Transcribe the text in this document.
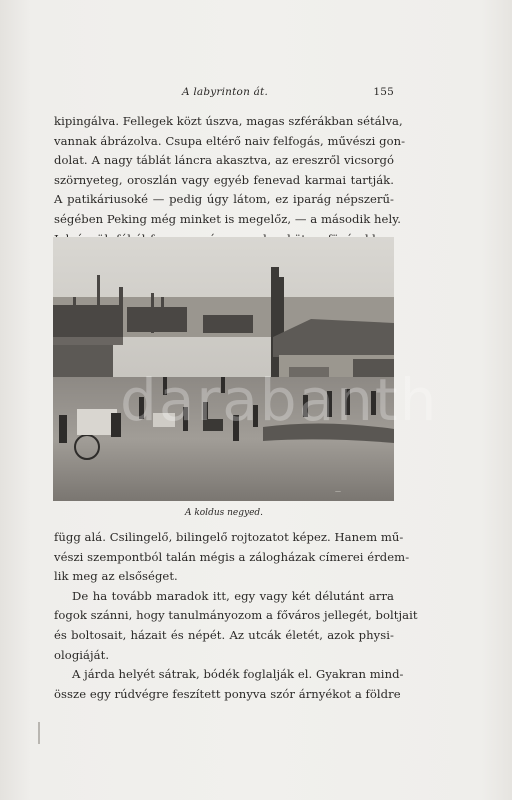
A labyrinton át.	155
kipingálva. Fellegek közt úszva, magas szférákban sétálva,
vannak ábrázolva. Csupa eltérő naiv felfogás, művészi gon-
dolat. A nagy táblát láncra akasztva, az ereszről vicsorgó
szörnyeteg, oroszlán vagy egyéb fenevad karmai tartják.
A patikáriusoké — pedig úgy látom, ez iparág népszerű-
ségében Peking még minket is megelőz, — a második hely.
—
darabanth
A koldus negyed.
függ alá. Csilingelő, bilingelő rojtozatot képez. Hanem mű-
vészi szempontból talán mégis a zálogházak címerei érdem-
lik meg az elsőséget.
De ha tovább maradok itt, egy vagy két délutánt arra
fogok szánni, hogy tanulmányozom a főváros jellegét, boltjait
és boltosait, házait és népét. Az utcák életét, azok physi-
ologiáját.
A járda helyét sátrak, bódék foglalják el. Gyakran mind-
össze egy rúdvégre feszített ponyva szór árnyékot a földre
